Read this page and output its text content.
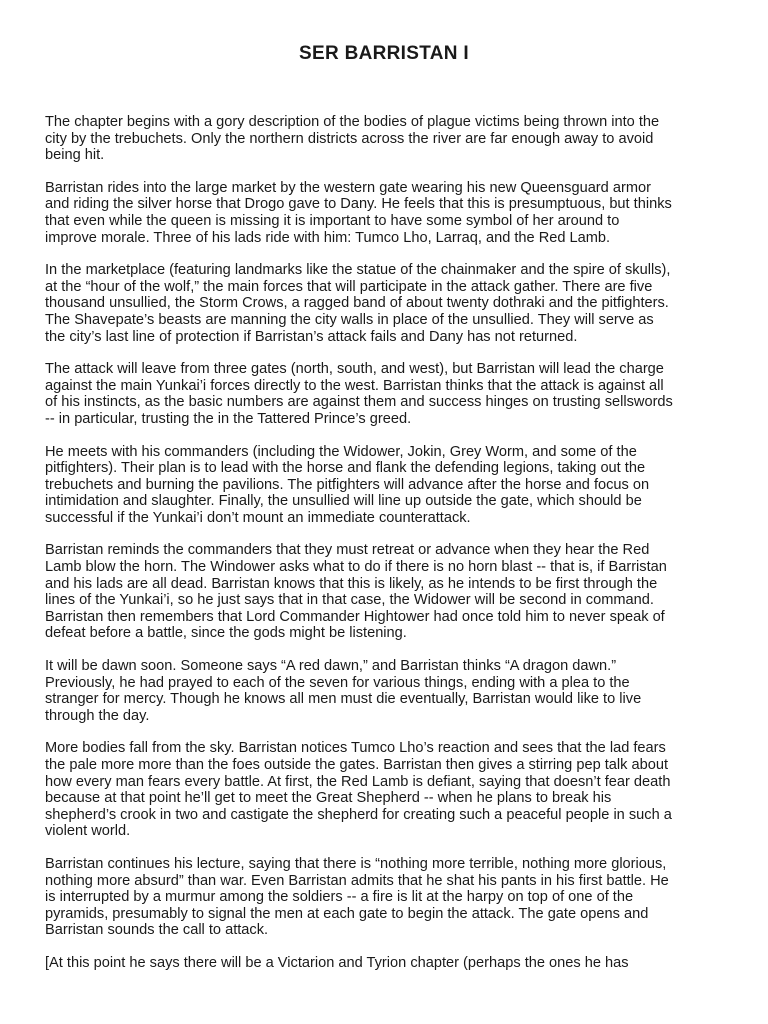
SER BARRISTAN I

The chapter begins with a gory description of the bodies of plague victims being thrown into the
city by the trebuchets. Only the northern districts across the river are far enough away to avoid
being hit.

Barristan rides into the large market by the western gate wearing his new Queensguard armor
and riding the silver horse that Drogo gave to Dany. He feels that this is presumptuous, but thinks
that even while the queen is missing it is important to have some symbol of her around to
improve morale. Three of his lads ride with him: Tumco Lho, Larraq, and the Red Lamb.

In the marketplace (featuring landmarks like the statue of the chainmaker and the spire of skulls),
at the “hour of the wolf,” the main forces that will participate in the attack gather. There are five
thousand unsullied, the Storm Crows, a ragged band of about twenty dothraki and the pitfighters.
The Shavepate’s beasts are manning the city walls in place of the unsullied. They will serve as
the city’s last line of protection if Barristan’s attack fails and Dany has not returned.

The attack will leave from three gates (north, south, and west), but Barristan will lead the charge
against the main Yunkai’i forces directly to the west. Barristan thinks that the attack is against all
of his instincts, as the basic numbers are against them and success hinges on trusting sellswords
-- in particular, trusting the in the Tattered Prince’s greed.

He meets with his commanders (including the Widower, Jokin, Grey Worm, and some of the
pitfighters). Their plan is to lead with the horse and flank the defending legions, taking out the
trebuchets and burning the pavilions. The pitfighters will advance after the horse and focus on
intimidation and slaughter. Finally, the unsullied will line up outside the gate, which should be
successful if the Yunkai’i don’t mount an immediate counterattack.

Barristan reminds the commanders that they must retreat or advance when they hear the Red
Lamb blow the horn. The Windower asks what to do if there is no horn blast -- that is, if Barristan
and his lads are all dead. Barristan knows that this is likely, as he intends to be first through the
lines of the Yunkai’i, so he just says that in that case, the Widower will be second in command.
Barristan then remembers that Lord Commander Hightower had once told him to never speak of
defeat before a battle, since the gods might be listening.

It will be dawn soon. Someone says “A red dawn,” and Barristan thinks “A dragon dawn.”
Previously, he had prayed to each of the seven for various things, ending with a plea to the
stranger for mercy. Though he knows all men must die eventually, Barristan would like to live
through the day.

More bodies fall from the sky. Barristan notices Tumco Lho’s reaction and sees that the lad fears
the pale more more than the foes outside the gates. Barristan then gives a stirring pep talk about
how every man fears every battle. At first, the Red Lamb is defiant, saying that doesn’t fear death
because at that point he’ll get to meet the Great Shepherd -- when he plans to break his
shepherd’s crook in two and castigate the shepherd for creating such a peaceful people in such a
violent world.

Barristan continues his lecture, saying that there is “nothing more terrible, nothing more glorious,
nothing more absurd” than war. Even Barristan admits that he shat his pants in his first battle. He
is interrupted by a murmur among the soldiers -- a fire is lit at the harpy on top of one of the
pyramids, presumably to signal the men at each gate to begin the attack. The gate opens and
Barristan sounds the call to attack.

[At this point he says there will be a Victarion and Tyrion chapter (perhaps the ones he has
